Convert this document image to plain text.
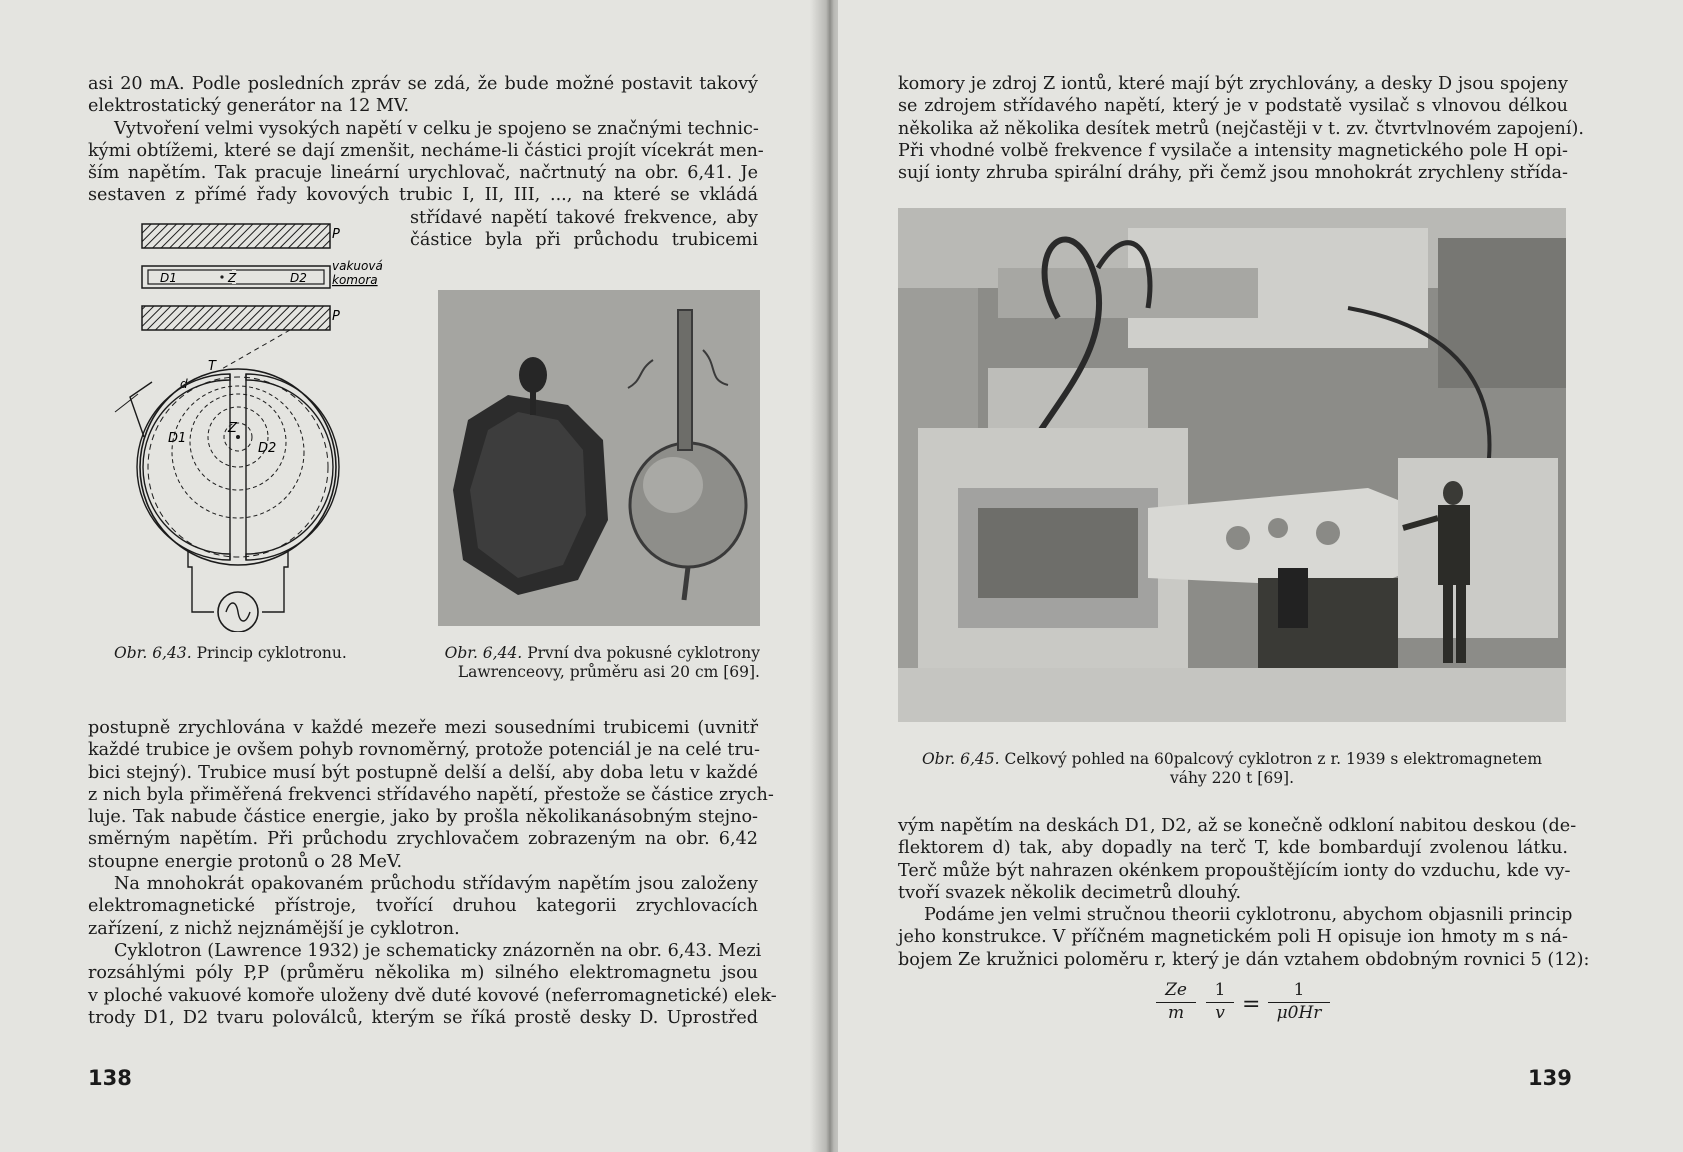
asi 20 mA. Podle posledních zpráv se zdá, že bude možné postavit takový
elektrostatický generátor na 12 MV.
Vytvoření velmi vysokých napětí v celku je spojeno se značnými technic-
kými obtížemi, které se dají zmenšit, necháme-li částici projít vícekrát men-
ším napětím. Tak pracuje lineární urychlovač, načrtnutý na obr. 6,41. Je
sestaven z přímé řady kovových trubic I, II, III, ..., na které se vkládá
střídavé napětí takové frekvence, aby
částice byla při průchodu trubicemi
P
D1	Z	D2
vakuová
komora
P
T
d
D1
Z
D2
Obr. 6,43. Princip cyklotronu.	Obr. 6,44. První dva pokusné cyklotrony
Lawrenceovy, průměru asi 20 cm [69].
postupně zrychlována v každé mezeře mezi sousedními trubicemi (uvnitř
každé trubice je ovšem pohyb rovnoměrný, protože potenciál je na celé tru-
bici stejný). Trubice musí být postupně delší a delší, aby doba letu v každé
z nich byla přiměřená frekvenci střídavého napětí, přestože se částice zrych-
luje. Tak nabude částice energie, jako by prošla několikanásobným stejno-
směrným napětím. Při průchodu zrychlovačem zobrazeným na obr. 6,42
stoupne energie protonů o 28 MeV.
Na mnohokrát opakovaném průchodu střídavým napětím jsou založeny
elektromagnetické přístroje, tvořící druhou kategorii zrychlovacích
zařízení, z nichž nejznámější je cyklotron.
Cyklotron (Lawrence 1932) je schematicky znázorněn na obr. 6,43. Mezi
rozsáhlými póly P,P (průměru několika m) silného elektromagnetu jsou
v ploché vakuové komoře uloženy dvě duté kovové (neferromagnetické) elek-
trody D1, D2 tvaru poloválců, kterým se říká prostě desky D. Uprostřed
138
komory je zdroj Z iontů, které mají být zrychlovány, a desky D jsou spojeny
se zdrojem střídavého napětí, který je v podstatě vysilač s vlnovou délkou
několika až několika desítek metrů (nejčastěji v t. zv. čtvrtvlnovém zapojení).
Při vhodné volbě frekvence f vysilače a intensity magnetického pole H opi-
sují ionty zhruba spirální dráhy, při čemž jsou mnohokrát zrychleny střída-
Obr. 6,45. Celkový pohled na 60palcový cyklotron z r. 1939 s elektromagnetem
váhy 220 t [69].
vým napětím na deskách D1, D2, až se konečně odkloní nabitou deskou (de-
flektorem d) tak, aby dopadly na terč T, kde bombardují zvolenou látku.
Terč může být nahrazen okénkem propouštějícím ionty do vzduchu, kde vy-
tvoří svazek několik decimetrů dlouhý.
Podáme jen velmi stručnou theorii cyklotronu, abychom objasnili princip
jeho konstrukce. V příčném magnetickém poli H opisuje ion hmoty m s ná-
bojem Ze kružnici poloměru r, který je dán vztahem obdobným rovnici 5 (12):
$\frac{Ze}{m} \frac{1}{v} = \frac{1}{\mu 0Hr}$
139
